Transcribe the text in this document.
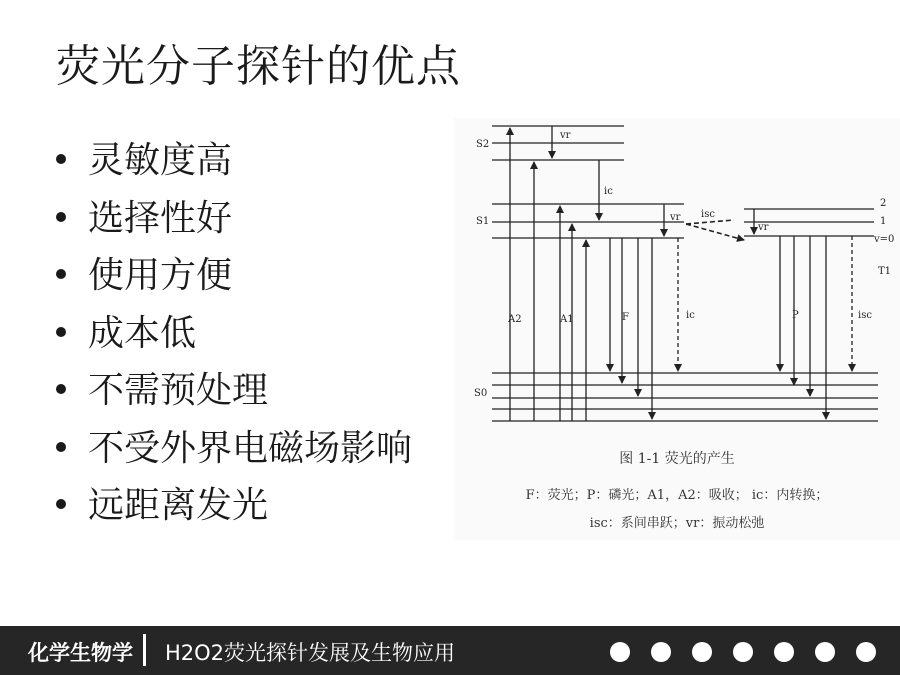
荧光分子探针的优点
灵敏度高
选择性好
使用方便
成本低
不需预处理
不受外界电磁场影响
远距离发光
S2
S1
S0
T1
vr
ic
vr isc
vr
A2	A1	F	ic	P	isc
2
1
v=0
图 1-1 荧光的产生
F：荧光；P：磷光；A1，A2：吸收； ic：内转换；
isc：系间串跃；vr：振动松弛
化学生物学 H2O2荧光探针发展及生物应用
